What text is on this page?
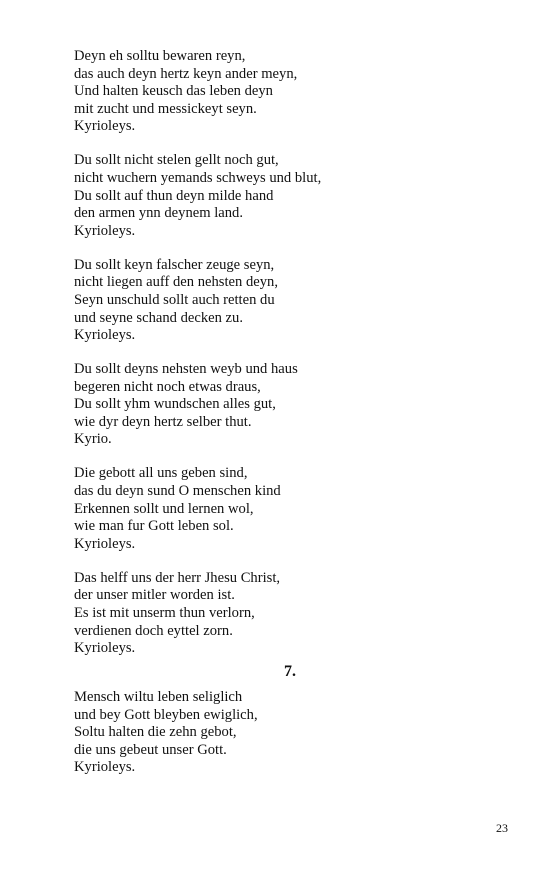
Deyn eh solltu bewaren reyn,
das auch deyn hertz keyn ander meyn,
Und halten keusch das leben deyn
mit zucht und messickeyt seyn.
Kyrioleys.
Du sollt nicht stelen gellt noch gut,
nicht wuchern yemands schweys und blut,
Du sollt auf thun deyn milde hand
den armen ynn deynem land.
Kyrioleys.
Du sollt keyn falscher zeuge seyn,
nicht liegen auff den nehsten deyn,
Seyn unschuld sollt auch retten du
und seyne schand decken zu.
Kyrioleys.
Du sollt deyns nehsten weyb und haus
begeren nicht noch etwas draus,
Du sollt yhm wundschen alles gut,
wie dyr deyn hertz selber thut.
Kyrio.
Die gebott all uns geben sind,
das du deyn sund O menschen kind
Erkennen sollt und lernen wol,
wie man fur Gott leben sol.
Kyrioleys.
Das helff uns der herr Jhesu Christ,
der unser mitler worden ist.
Es ist mit unserm thun verlorn,
verdienen doch eyttel zorn.
Kyrioleys.
7.
Mensch wiltu leben seliglich
und bey Gott bleyben ewiglich,
Soltu halten die zehn gebot,
die uns gebeut unser Gott.
Kyrioleys.
23
